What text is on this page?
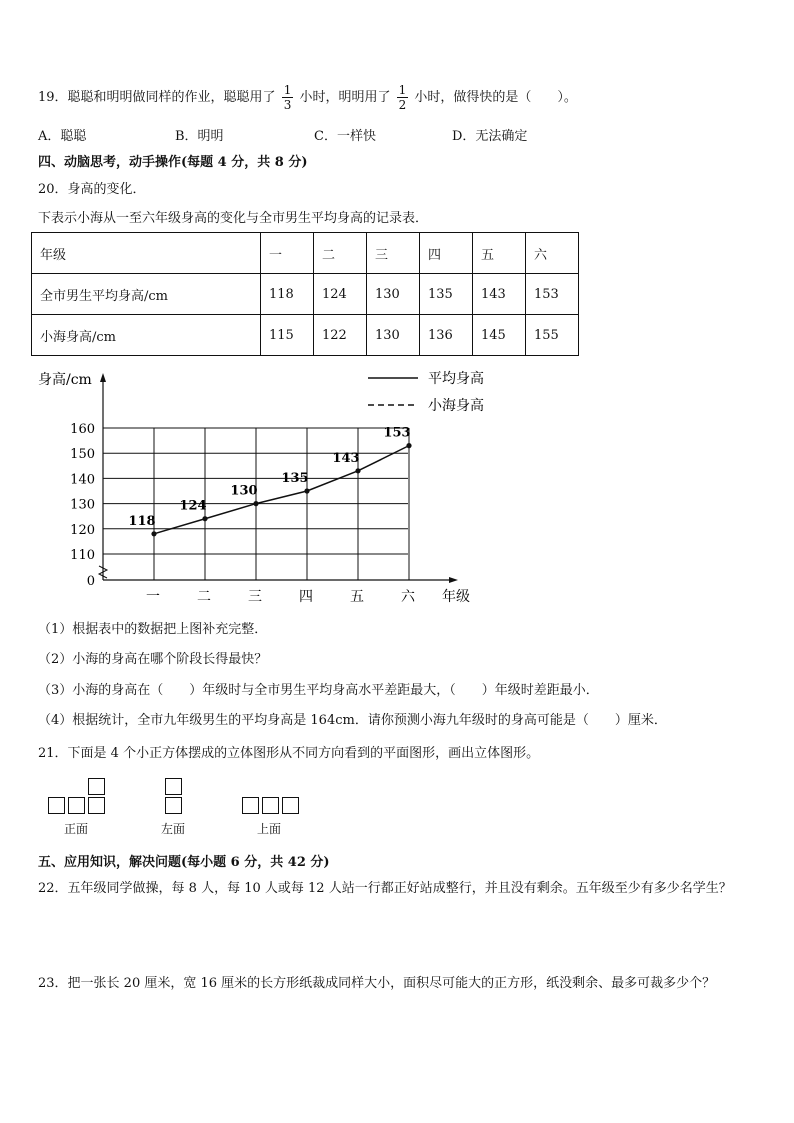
19．聪聪和明明做同样的作业，聪聪用了 $\frac{1}{3}$ 小时，明明用了 $\frac{1}{2}$ 小时，做得快的是（　　）。
A．聪聪	B．明明	C．一样快	D．无法确定
四、动脑思考，动手操作(每题 4 分，共 8 分)
20．身高的变化．
下表示小海从一至六年级身高的变化与全市男生平均身高的记录表．
年级	一	二	三	四	五	六
全市男生平均身高/cm	118	124	130	135	143	153
小海身高/cm	115	122	130	136	145	155
0
110
120
130
140
150
160
一	二	三	四	五	六
身高/cm
年级
平均身高
小海身高
118
124
130
135
143
153
（1）根据表中的数据把上图补充完整．
（2）小海的身高在哪个阶段长得最快？
（3）小海的身高在（　　）年级时与全市男生平均身高水平差距最大，（　　）年级时差距最小．
（4）根据统计，全市九年级男生的平均身高是 164cm．请你预测小海九年级时的身高可能是（　　）厘米．
21．下面是 4 个小正方体摆成的立体图形从不同方向看到的平面图形，画出立体图形。
正面	左面	上面
五、应用知识，解决问题(每小题 6 分，共 42 分)
22．五年级同学做操，每 8 人，每 10 人或每 12 人站一行都正好站成整行，并且没有剩余。五年级至少有多少名学生？
23．把一张长 20 厘米，宽 16 厘米的长方形纸裁成同样大小，面积尽可能大的正方形，纸没剩余、最多可裁多少个？
